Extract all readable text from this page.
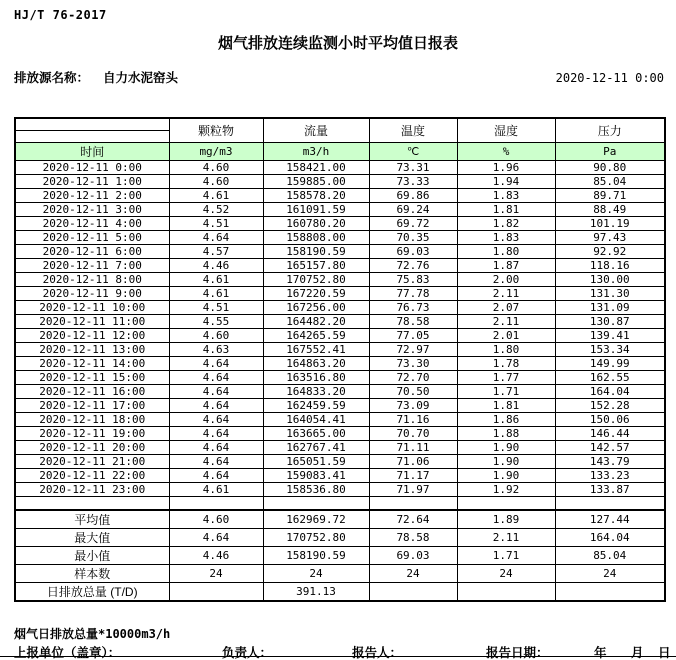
HJ/T 76-2017
烟气排放连续监测小时平均值日报表
排放源名称： 自力水泥窑头	2020-12-11 0:00
	颗粒物	流量	温度	湿度	压力

时间	mg/m3	m3/h	℃	%	Pa
2020-12-11 0:00	4.60	158421.00	73.31	1.96	90.80
2020-12-11 1:00	4.60	159885.00	73.33	1.94	85.04
2020-12-11 2:00	4.61	158578.20	69.86	1.83	89.71
2020-12-11 3:00	4.52	161091.59	69.24	1.81	88.49
2020-12-11 4:00	4.51	160780.20	69.72	1.82	101.19
2020-12-11 5:00	4.64	158808.00	70.35	1.83	97.43
2020-12-11 6:00	4.57	158190.59	69.03	1.80	92.92
2020-12-11 7:00	4.46	165157.80	72.76	1.87	118.16
2020-12-11 8:00	4.61	170752.80	75.83	2.00	130.00
2020-12-11 9:00	4.61	167220.59	77.78	2.11	131.30
2020-12-11 10:00	4.51	167256.00	76.73	2.07	131.09
2020-12-11 11:00	4.55	164482.20	78.58	2.11	130.87
2020-12-11 12:00	4.60	164265.59	77.05	2.01	139.41
2020-12-11 13:00	4.63	167552.41	72.97	1.80	153.34
2020-12-11 14:00	4.64	164863.20	73.30	1.78	149.99
2020-12-11 15:00	4.64	163516.80	72.70	1.77	162.55
2020-12-11 16:00	4.64	164833.20	70.50	1.71	164.04
2020-12-11 17:00	4.64	162459.59	73.09	1.81	152.28
2020-12-11 18:00	4.64	164054.41	71.16	1.86	150.06
2020-12-11 19:00	4.64	163665.00	70.70	1.88	146.44
2020-12-11 20:00	4.64	162767.41	71.11	1.90	142.57
2020-12-11 21:00	4.64	165051.59	71.06	1.90	143.79
2020-12-11 22:00	4.64	159083.41	71.17	1.90	133.23
2020-12-11 23:00	4.61	158536.80	71.97	1.92	133.87

平均值	4.60	162969.72	72.64	1.89	127.44
最大值	4.64	170752.80	78.58	2.11	164.04
最小值	4.46	158190.59	69.03	1.71	85.04
样本数	24	24	24	24	24
日排放总量 (T/D)		391.13			
烟气日排放总量*10000m3/h
上报单位（盖章）：	负责人：	报告人：	报告日期：	年 月 日
